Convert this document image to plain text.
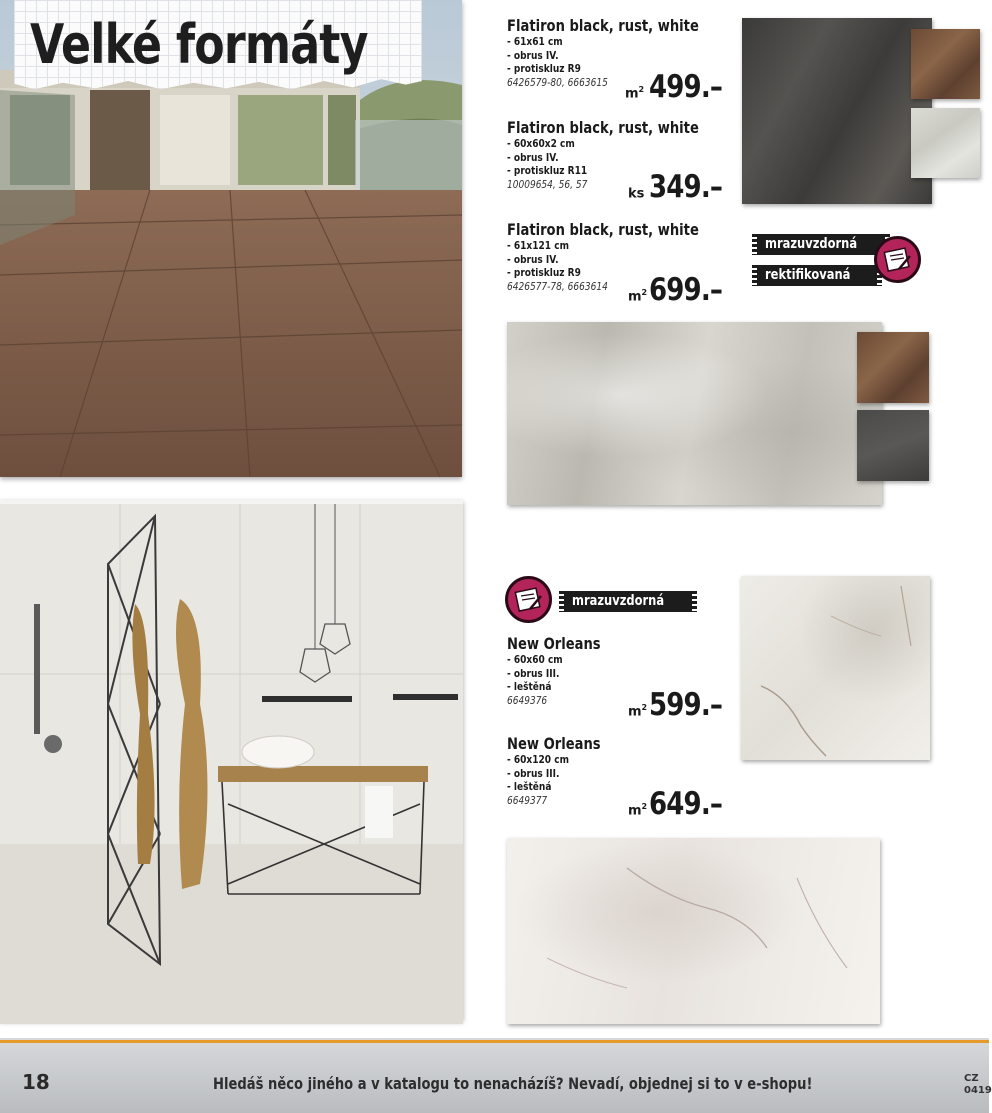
Velké formáty	Flatiron black, rust, white
- 61x61 cm
- obrus IV.
- protiskluz R9
6426579-80, 6663615
$m^2$ 499.–
Flatiron black, rust, white
- 60x60x2 cm
- obrus IV.
- protiskluz R11
10009654, 56, 57
ks 349.–
Flatiron black, rust, white
- 61x121 cm
- obrus IV.
- protiskluz R9
6426577-78, 6663614
$m^2$ 699.–
mrazuvzdorná
rektifikovaná
mrazuvzdorná
New Orleans
- 60x60 cm
- obrus III.
- leštěná
6649376
$m^2$ 599.–
New Orleans
- 60x120 cm
- obrus III.
- leštěná
6649377
$m^2$ 649.–
18	Hledáš něco jiného a v katalogu to nenacházíš? Nevadí, objednej si to v e-shopu!	CZ
0419
